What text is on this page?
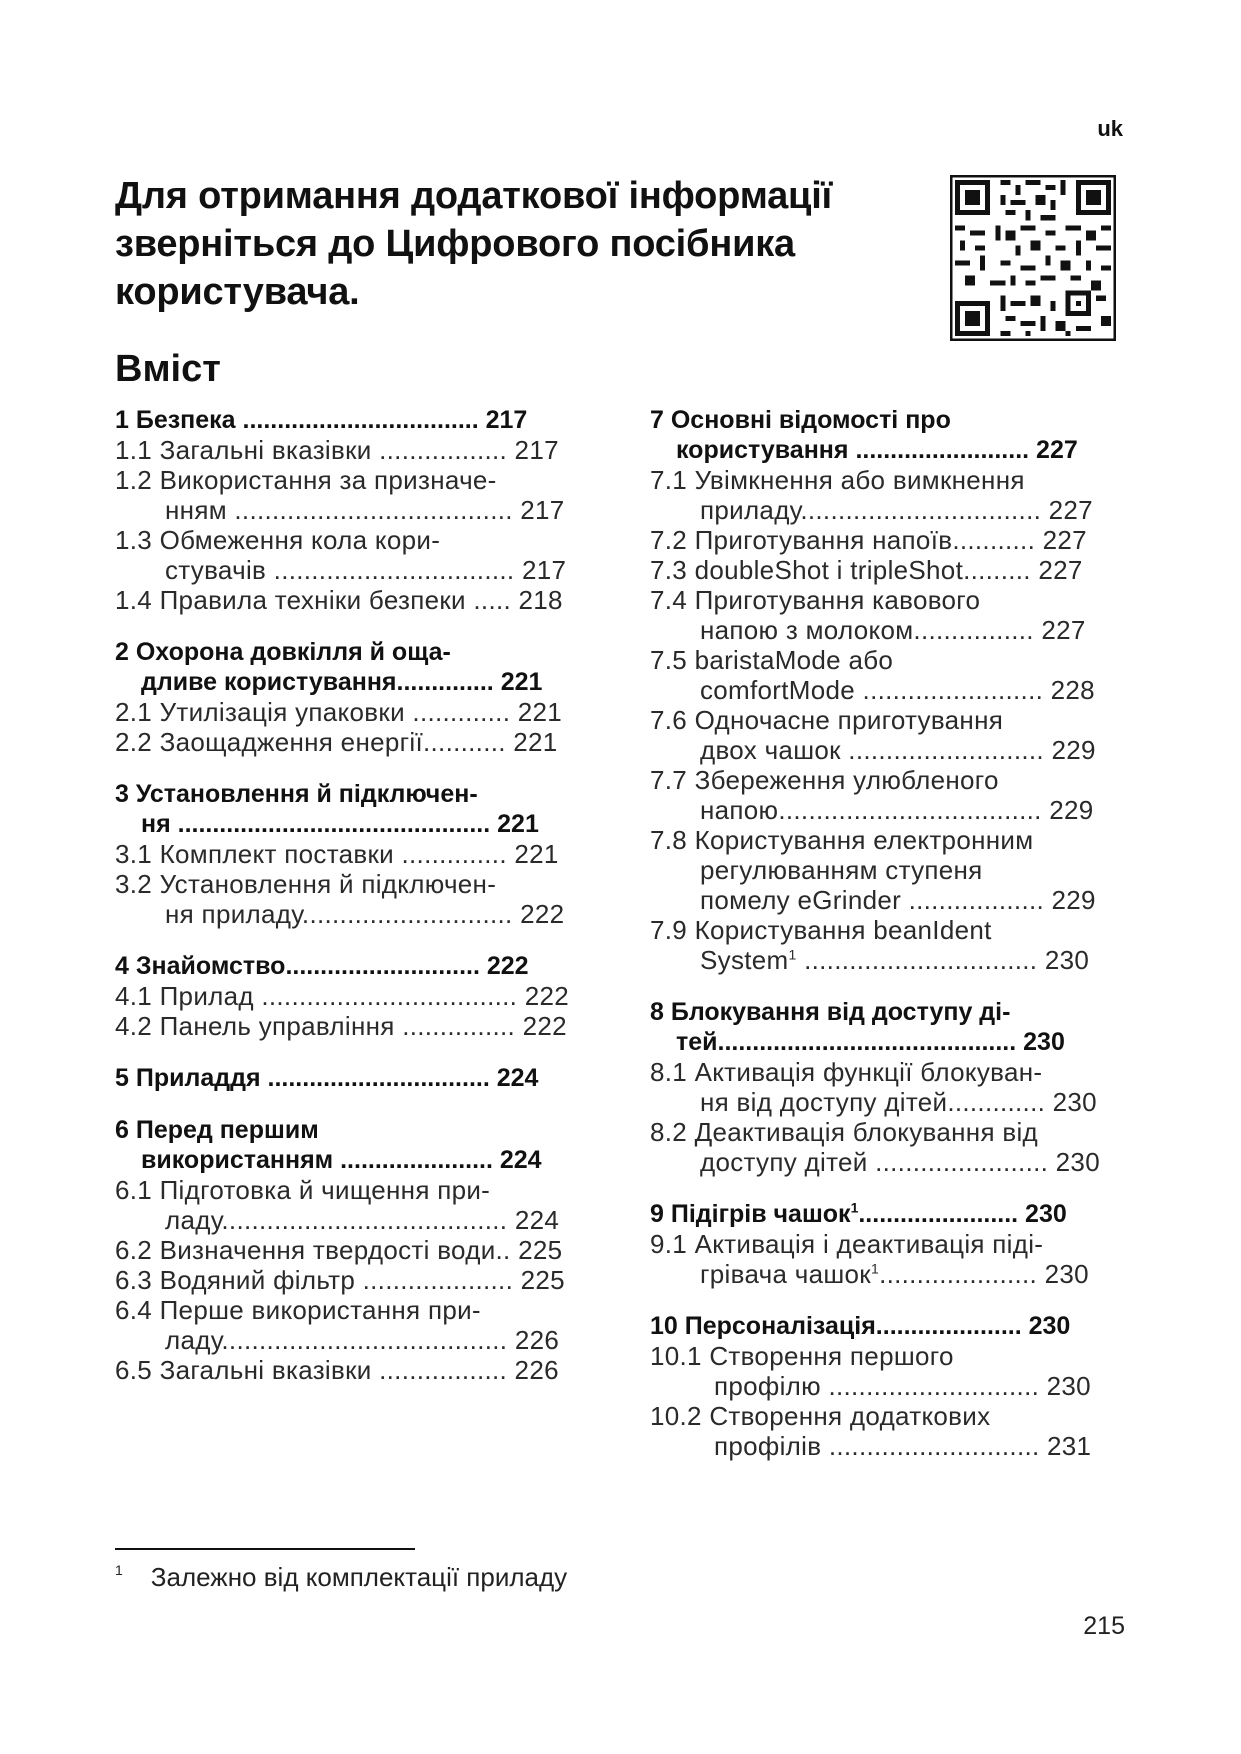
uk
Для отримання додаткової інформації зверніться до Цифрового посібника користувача.
Вміст

1 Безпека .................................. 217

1.1 Загальні вказівки ................. 217

1.2 Використання за призначе-

нням ..................................... 217

1.3 Обмеження кола кори-

стувачів ................................ 217

1.4 Правила техніки безпеки ..... 218

2 Охорона довкілля й оща-

дливе користування.............. 221

2.1 Утилізація упаковки ............. 221

2.2 Заощадження енергії........... 221

3 Установлення й підключен-

ня ............................................. 221

3.1 Комплект поставки .............. 221

3.2 Установлення й підключен-

ня приладу............................ 222

4 Знайомство............................ 222

4.1 Прилад .................................. 222

4.2 Панель управління ............... 222

5 Приладдя ................................ 224

6 Перед першим

використанням ...................... 224

6.1 Підготовка й чищення при-

ладу...................................... 224

6.2 Визначення твердості води.. 225

6.3 Водяний фільтр .................... 225

6.4 Перше використання при-

ладу...................................... 226

6.5 Загальні вказівки ................. 226

7 Основні відомості про

користування ......................... 227

7.1 Увімкнення або вимкнення

приладу................................ 227

7.2 Приготування напоїв........... 227

7.3 doubleShot і tripleShot......... 227

7.4 Приготування кавового

напою з молоком................ 227

7.5 baristaMode або

comfortMode ........................ 228

7.6 Одночасне приготування

двох чашок .......................... 229

7.7 Збереження улюбленого

напою................................... 229

7.8 Користування електронним

регулюванням ступеня

помелу eGrinder .................. 229

7.9 Користування beanIdent

System$^1$ ............................... 230

8 Блокування від доступу ді-

тей........................................... 230

8.1 Активація функції блокуван-

ня від доступу дітей............. 230

8.2 Деактивація блокування від

доступу дітей ....................... 230

9 Підігрів чашок$^1$....................... 230

9.1 Активація і деактивація піді-

грівача чашок$^1$..................... 230

10 Персоналізація..................... 230

10.1 Створення першого

профілю ............................ 230

10.2 Створення додаткових

профілів ............................ 231

$^1$ Залежно від комплектації приладу
215
